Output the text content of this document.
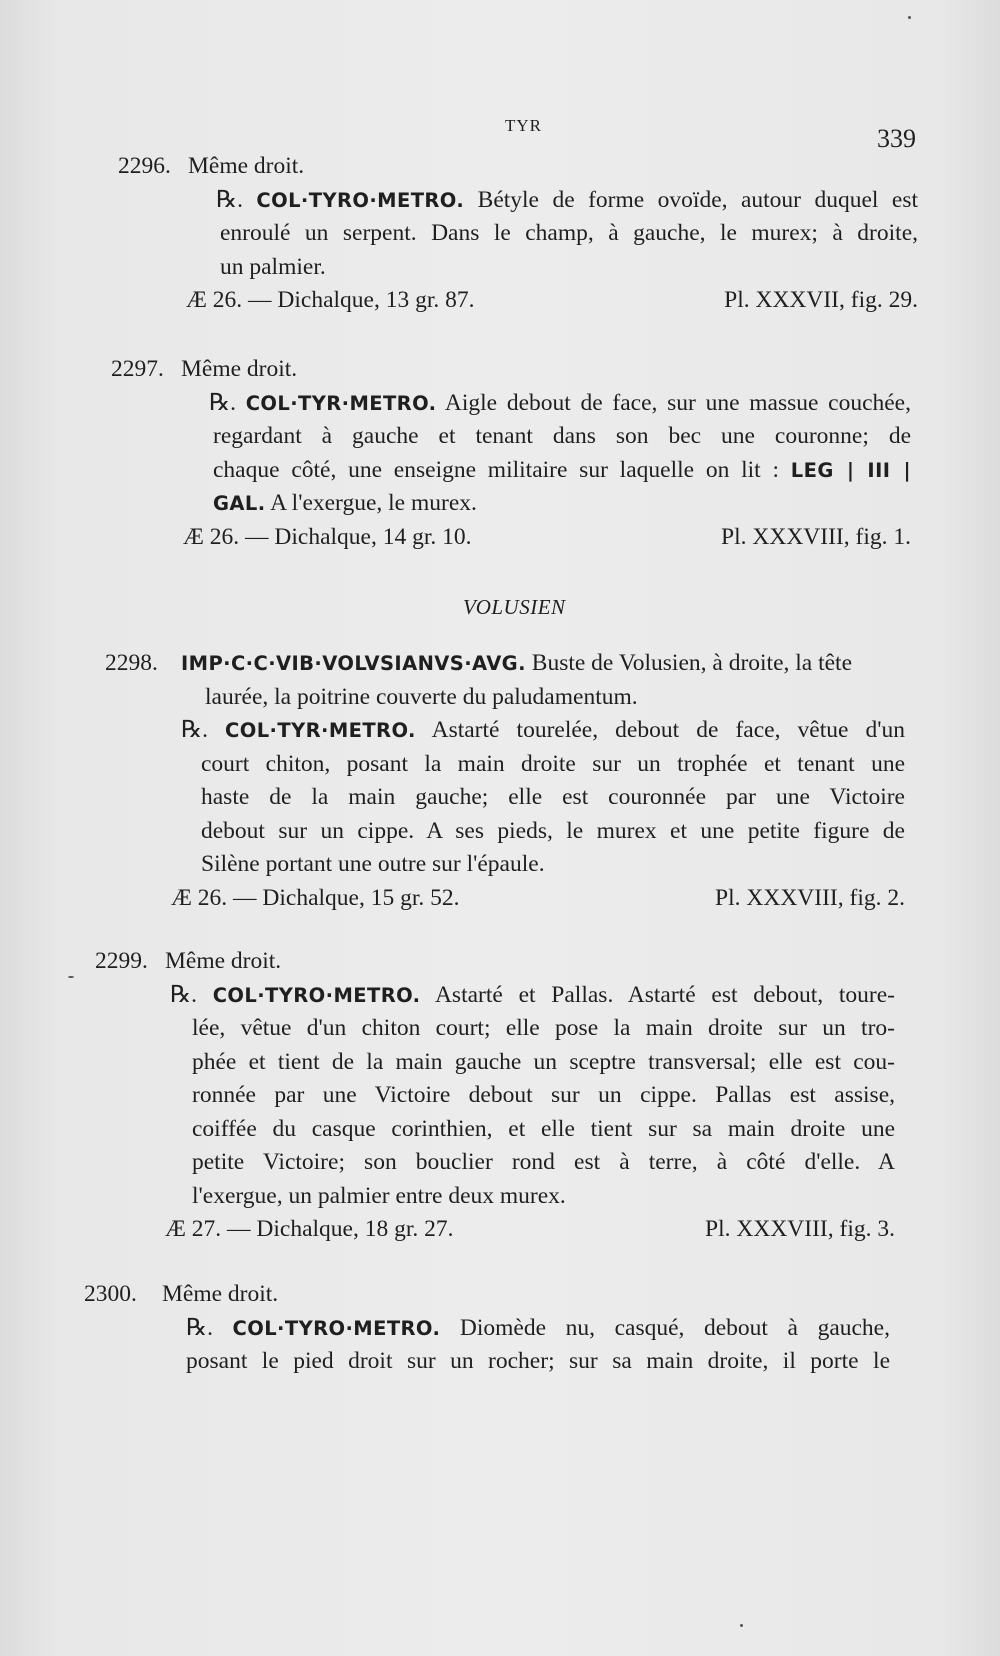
TYR	339
2296. Même droit.
℞. COL·TYRO·METRO. Bétyle de forme ovoïde, autour duquel est
enroulé un serpent. Dans le champ, à gauche, le murex; à droite,
un palmier.
Æ 26. — Dichalque, 13 gr. 87.	Pl. XXXVII, fig. 29.
2297. Même droit.
℞. COL·TYR·METRO. Aigle debout de face, sur une massue couchée,
regardant à gauche et tenant dans son bec une couronne; de
chaque côté, une enseigne militaire sur laquelle on lit : LEG | III |
GAL. A l'exergue, le murex.
Æ 26. — Dichalque, 14 gr. 10.	Pl. XXXVIII, fig. 1.
VOLUSIEN
2298. IMP·C·C·VIB·VOLVSIANVS·AVG. Buste de Volusien, à droite, la tête
laurée, la poitrine couverte du paludamentum.
℞. COL·TYR·METRO. Astarté tourelée, debout de face, vêtue d'un
court chiton, posant la main droite sur un trophée et tenant une
haste de la main gauche; elle est couronnée par une Victoire
debout sur un cippe. A ses pieds, le murex et une petite figure de
Silène portant une outre sur l'épaule.
Æ 26. — Dichalque, 15 gr. 52.	Pl. XXXVIII, fig. 2.
2299. Même droit.
℞. COL·TYRO·METRO. Astarté et Pallas. Astarté est debout, toure-
lée, vêtue d'un chiton court; elle pose la main droite sur un tro-
phée et tient de la main gauche un sceptre transversal; elle est cou-
ronnée par une Victoire debout sur un cippe. Pallas est assise,
coiffée du casque corinthien, et elle tient sur sa main droite une
petite Victoire; son bouclier rond est à terre, à côté d'elle. A
l'exergue, un palmier entre deux murex.
Æ 27. — Dichalque, 18 gr. 27.	Pl. XXXVIII, fig. 3.
2300. Même droit.
℞. COL·TYRO·METRO. Diomède nu, casqué, debout à gauche,
posant le pied droit sur un rocher; sur sa main droite, il porte le
